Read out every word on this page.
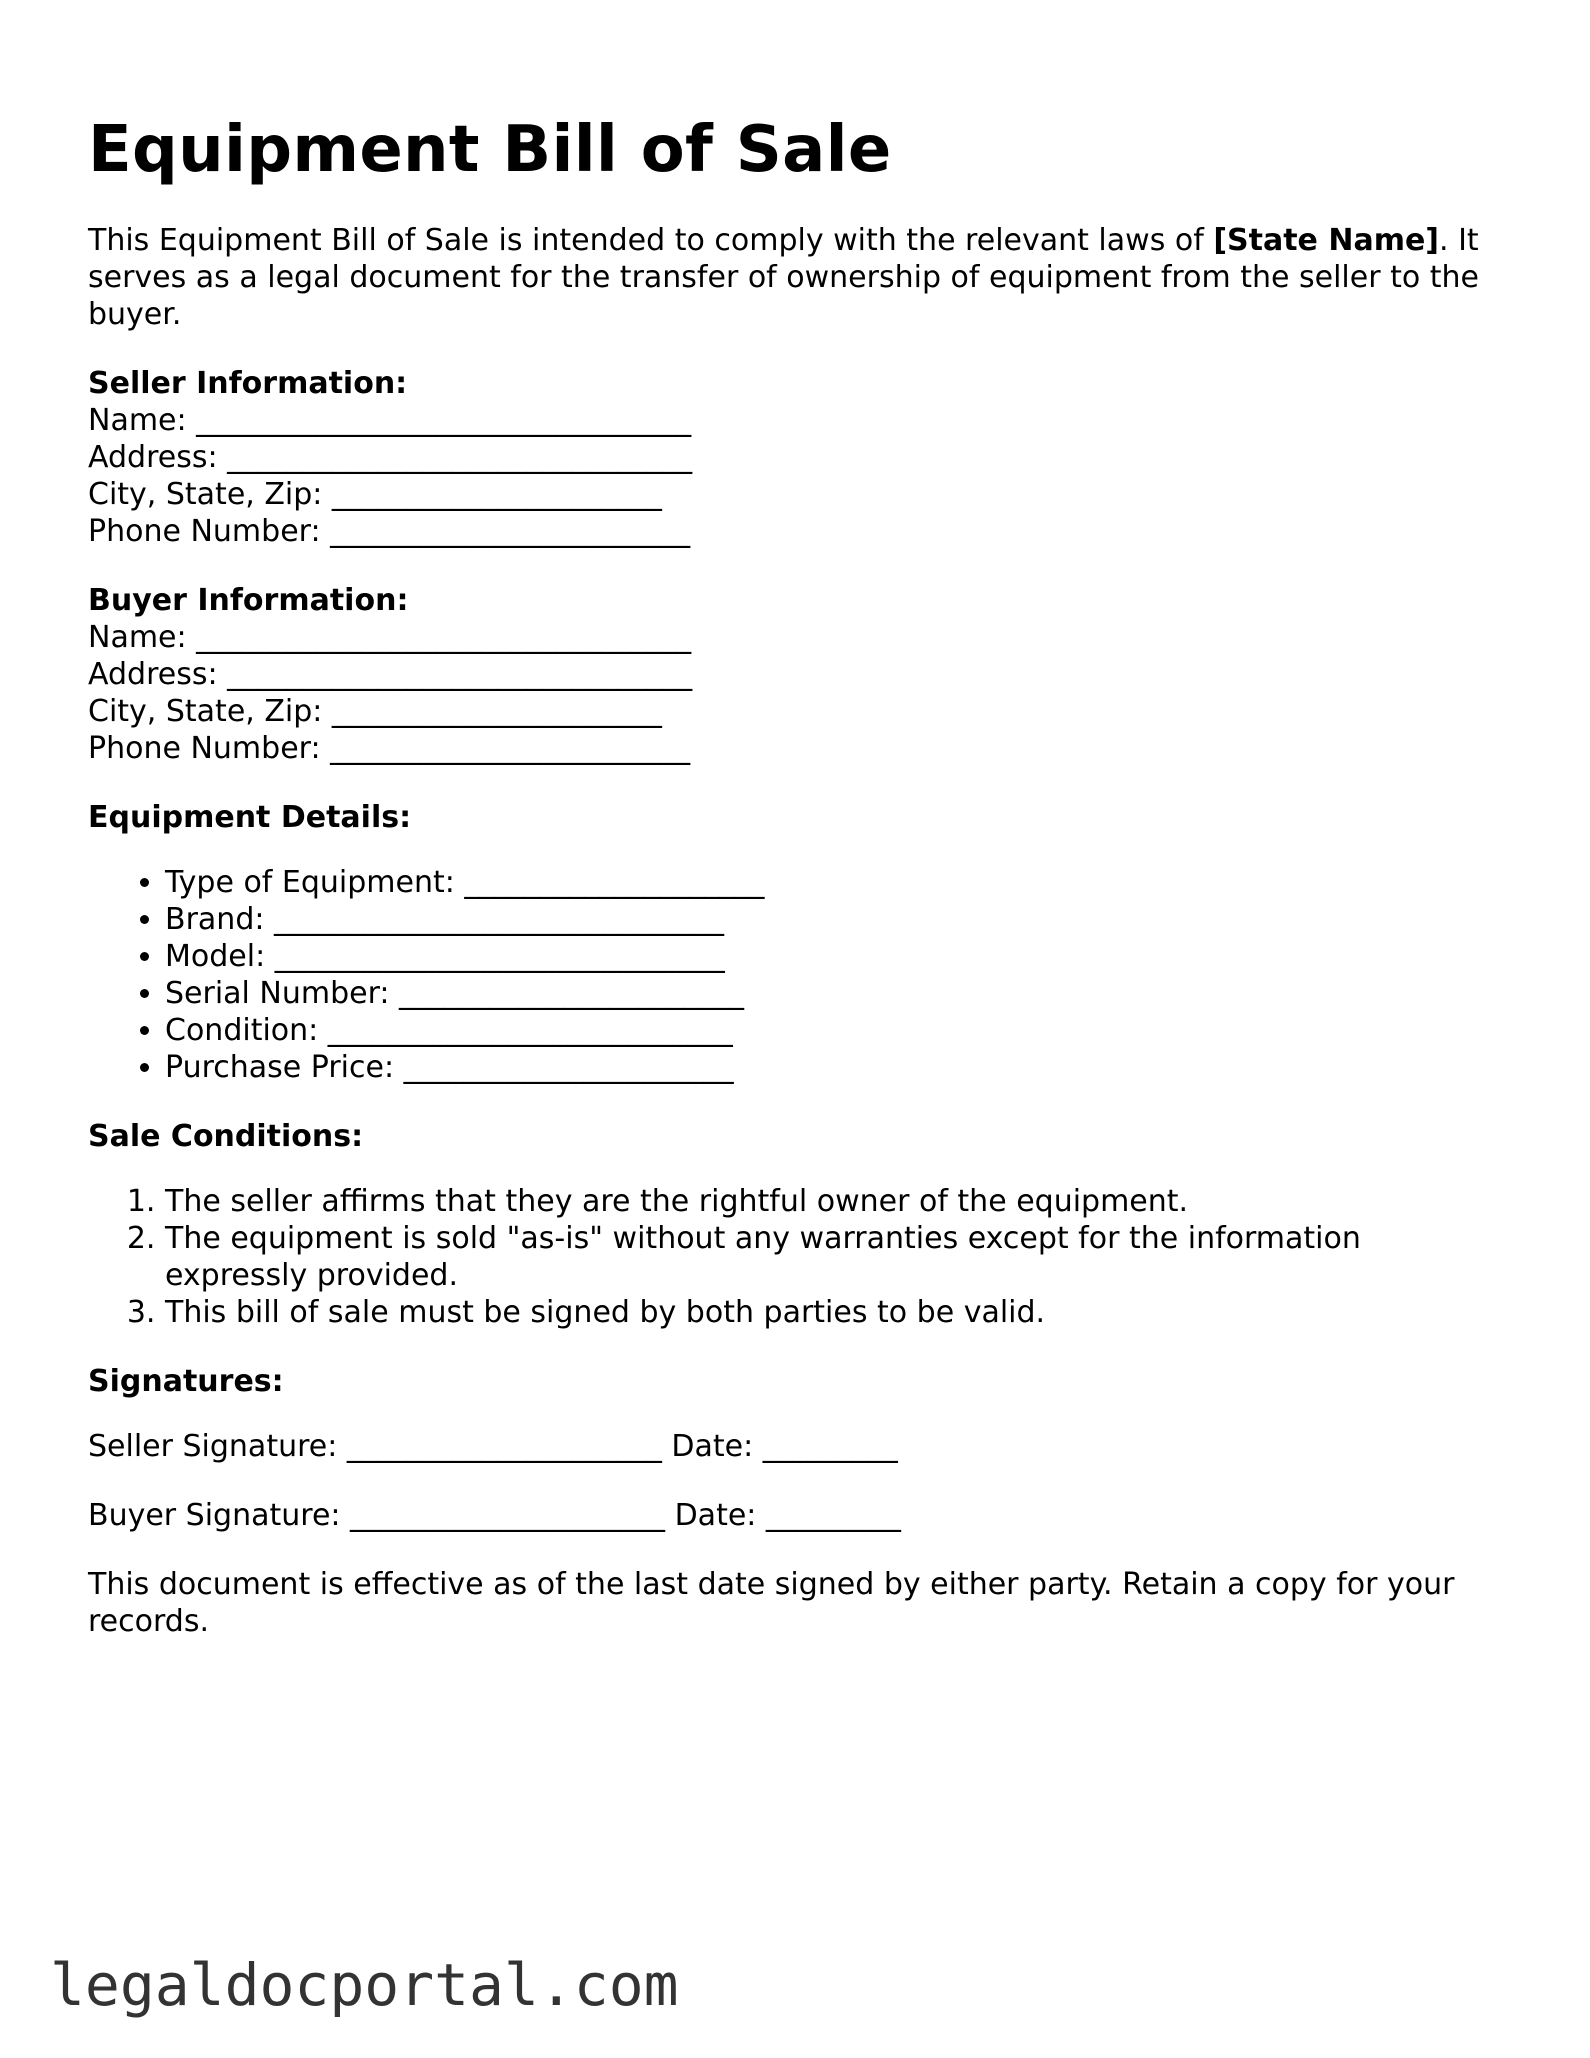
Equipment Bill of Sale
This Equipment Bill of Sale is intended to comply with the relevant laws of [State Name]. It serves as a legal document for the transfer of ownership of equipment from the seller to the buyer.
Seller Information:
Name: _________________________________
Address: _______________________________
City, State, Zip: ______________________
Phone Number: ________________________
Buyer Information:
Name: _________________________________
Address: _______________________________
City, State, Zip: ______________________
Phone Number: ________________________
Equipment Details:
• Type of Equipment: ____________________
• Brand: ______________________________
• Model: ______________________________
• Serial Number: _______________________
• Condition: ___________________________
• Purchase Price: ______________________
Sale Conditions:
1. The seller affirms that they are the rightful owner of the equipment.
2. The equipment is sold "as-is" without any warranties except for the information expressly provided.
3. This bill of sale must be signed by both parties to be valid.
Signatures:
Seller Signature: _____________________ Date: _________
Buyer Signature: _____________________ Date: _________
This document is effective as of the last date signed by either party. Retain a copy for your records.
legaldocportal.com
